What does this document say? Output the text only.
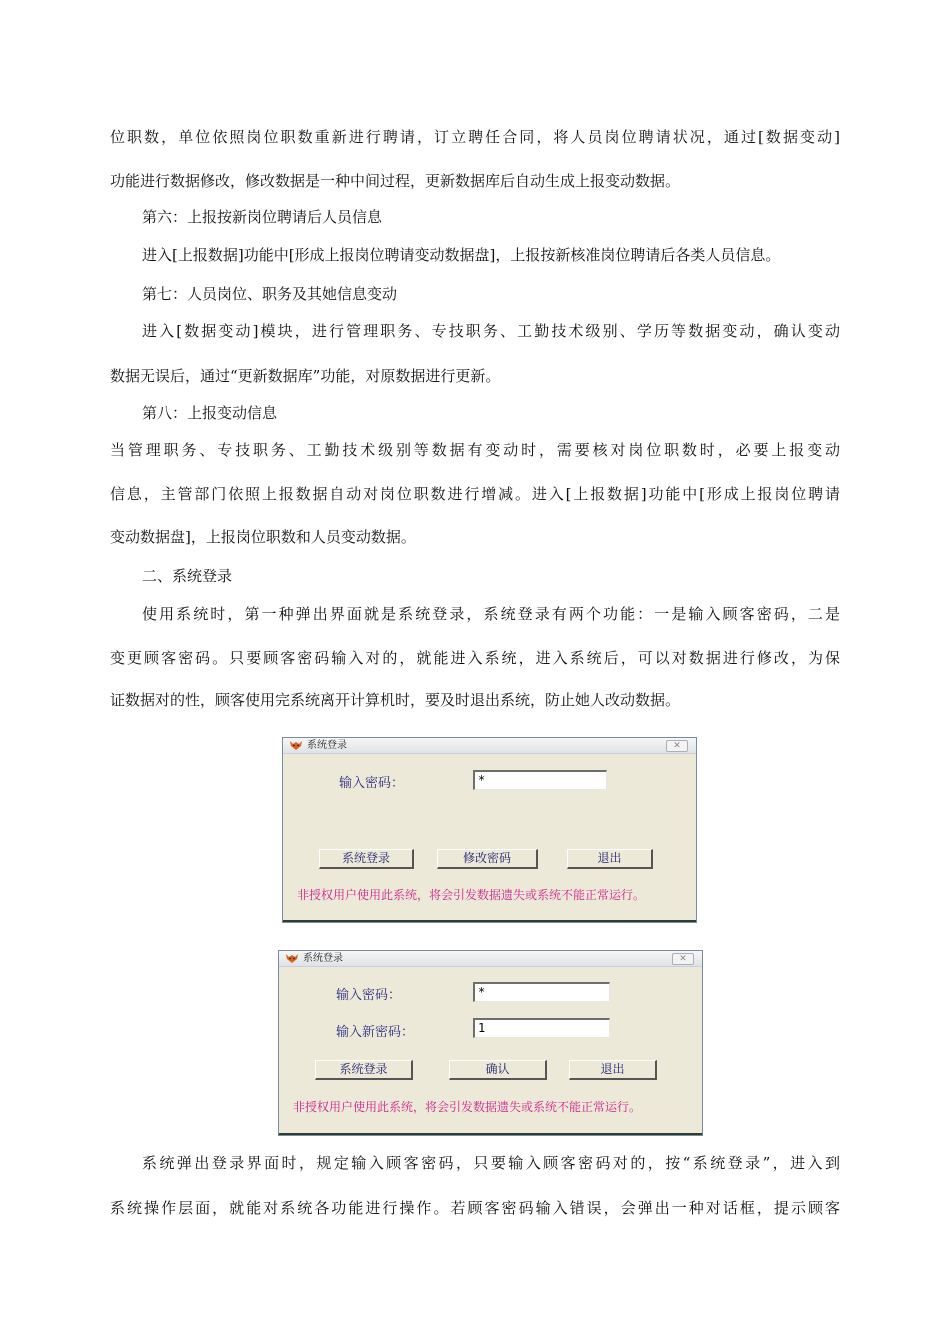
位职数，单位依照岗位职数重新进行聘请，订立聘任合同，将人员岗位聘请状况，通过[数据变动]
功能进行数据修改，修改数据是一种中间过程，更新数据库后自动生成上报变动数据。
第六：上报按新岗位聘请后人员信息
进入[上报数据]功能中[形成上报岗位聘请变动数据盘]，上报按新核准岗位聘请后各类人员信息。
第七：人员岗位、职务及其她信息变动
进入[数据变动]模块，进行管理职务、专技职务、工勤技术级别、学历等数据变动，确认变动
数据无误后，通过“更新数据库”功能，对原数据进行更新。
第八：上报变动信息
当管理职务、专技职务、工勤技术级别等数据有变动时，需要核对岗位职数时，必要上报变动
信息，主管部门依照上报数据自动对岗位职数进行增减。进入[上报数据]功能中[形成上报岗位聘请
变动数据盘]，上报岗位职数和人员变动数据。
二、系统登录
使用系统时，第一种弹出界面就是系统登录，系统登录有两个功能：一是输入顾客密码，二是
变更顾客密码。只要顾客密码输入对的，就能进入系统，进入系统后，可以对数据进行修改，为保
证数据对的性，顾客使用完系统离开计算机时，要及时退出系统，防止她人改动数据。
系统登录	✕
输入密码：	*
系统登录	修改密码	退出
非授权用户使用此系统，将会引发数据遗失或系统不能正常运行。
系统登录	✕
输入密码：	*
输入新密码：	1
系统登录	确认	退出
非授权用户使用此系统，将会引发数据遗失或系统不能正常运行。
系统弹出登录界面时，规定输入顾客密码，只要输入顾客密码对的，按“系统登录”，进入到
系统操作层面，就能对系统各功能进行操作。若顾客密码输入错误，会弹出一种对话框，提示顾客
